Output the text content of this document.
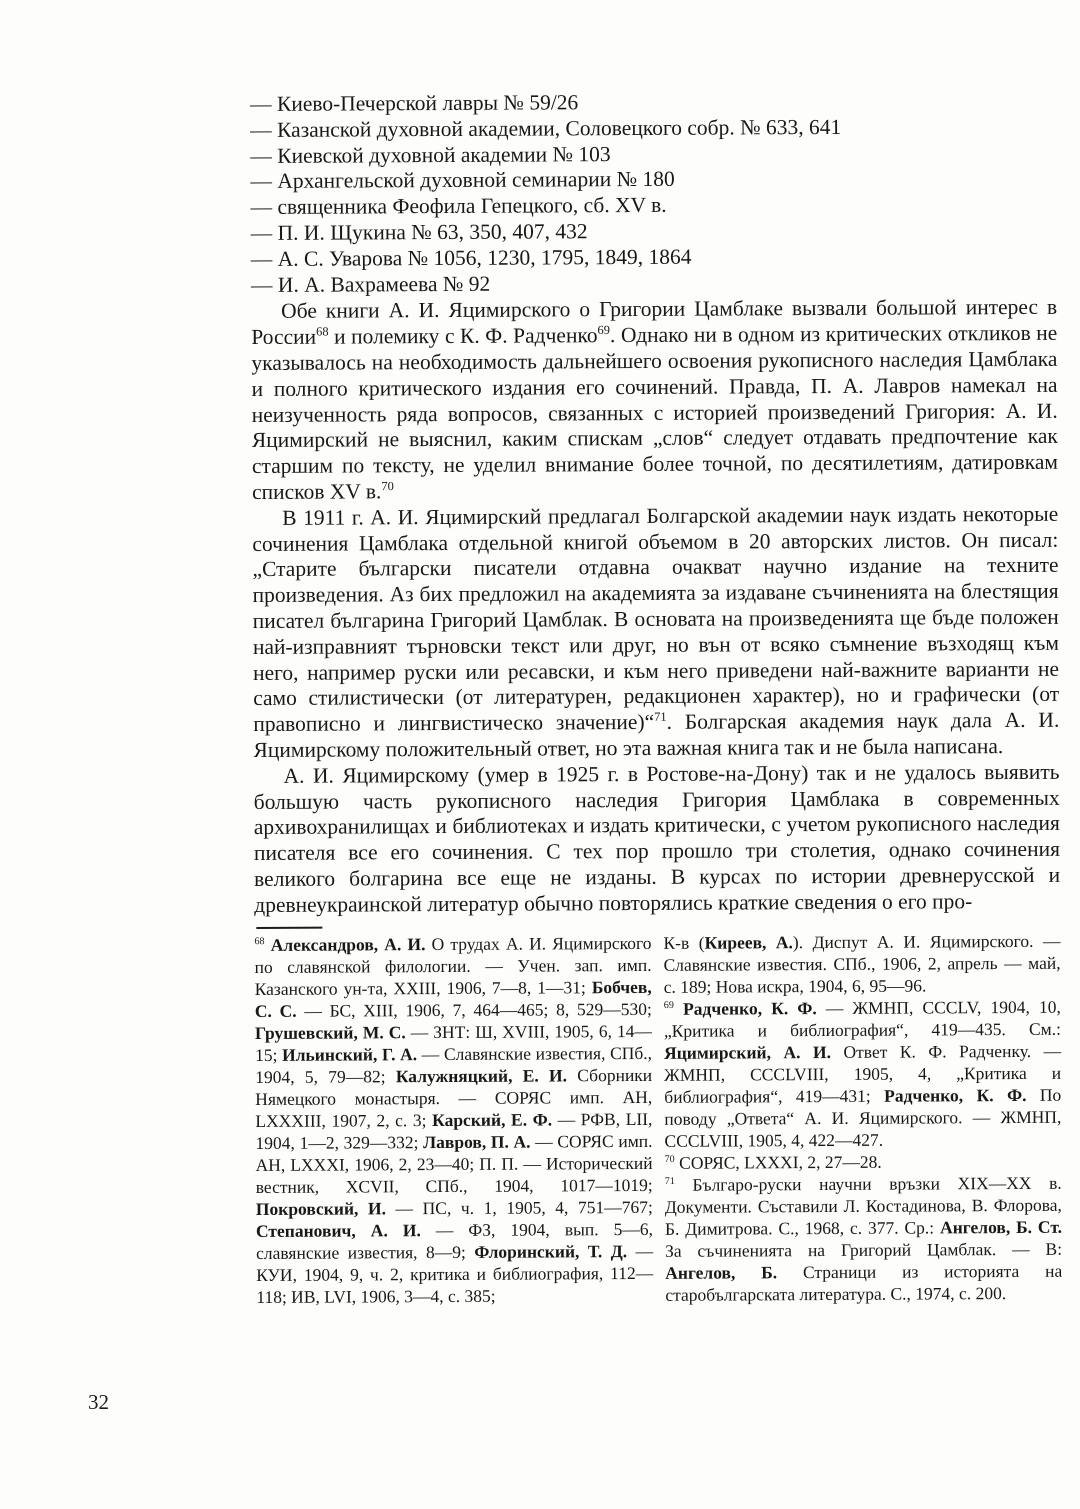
— Киево-Печерской лавры № 59/26
— Казанской духовной академии, Соловецкого собр. № 633, 641
— Киевской духовной академии № 103
— Архангельской духовной семинарии № 180
— священника Феофила Гепецкого, сб. XV в.
— П. И. Щукина № 63, 350, 407, 432
— А. С. Уварова № 1056, 1230, 1795, 1849, 1864
— И. А. Вахрамеева № 92

Обе книги А. И. Яцимирского о Григории Цамблаке вызвали большой интерес в России$^{68}$ и полемику с К. Ф. Радченко$^{69}$. Однако ни в одном из критических откликов не указывалось на необходимость дальнейшего освоения рукописного наследия Цамблака и полного критического издания его сочинений. Правда, П. А. Лавров намекал на неизученность ряда вопросов, связанных с историей произведений Григория: А. И. Яцимирский не выяснил, каким спискам „слов“ следует отдавать предпочтение как старшим по тексту, не уделил внимание более точной, по десятилетиям, датировкам списков XV в.$^{70}$

В 1911 г. А. И. Яцимирский предлагал Болгарской академии наук издать некоторые сочинения Цамблака отдельной книгой объемом в 20 авторских листов. Он писал: „Старите български писатели отдавна очакват научно издание на техните произведения. Аз бих предложил на академията за издаване съчиненията на блестящия писател българина Григорий Цамблак. В основата на произведенията ще бъде положен най-изправният търновски текст или друг, но вън от всяко съмнение възходящ към него, например руски или ресавски, и към него приведени най-важните варианти не само стилистически (от литературен, редакционен характер), но и графически (от правописно и лингвистическо значение)“$^{71}$. Болгарская академия наук дала А. И. Яцимирскому положительный ответ, но эта важная книга так и не была написана.

А. И. Яцимирскому (умер в 1925 г. в Ростове-на-Дону) так и не удалось выявить большую часть рукописного наследия Григория Цамблака в современных архивохранилищах и библиотеках и издать критически, с учетом рукописного наследия писателя все его сочинения. С тех пор прошло три столетия, однако сочинения великого болгарина все еще не изданы. В курсах по истории древнерусской и древнеукраинской литератур обычно повторялись краткие сведения о его про-

$^{68}$ Александров, А. И. О трудах А. И. Яцимирского по славянской филологии. — Учен. зап. имп. Казанского ун-та, XXIII, 1906, 7—8, 1—31; Бобчев, С. С. — БС, XIII, 1906, 7, 464—465; 8, 529—530; Грушевский, М. С. — ЗНТ: Ш, XVIII, 1905, 6, 14—15; Ильинский, Г. А. — Славянские известия, СПб., 1904, 5, 79—82; Калужняцкий, Е. И. Сборники Нямецкого монастыря. — СОРЯС имп. АН, LXXXIII, 1907, 2, с. 3; Карский, Е. Ф. — РФВ, LII, 1904, 1—2, 329—332; Лавров, П. А. — СОРЯС имп. АН, LXXXI, 1906, 2, 23—40; П. П. — Исторический вестник, XCVII, СПб., 1904, 1017—1019; Покровский, И. — ПС, ч. 1, 1905, 4, 751—767; Степанович, А. И. — ФЗ, 1904, вып. 5—6, славянские известия, 8—9; Флоринский, Т. Д. — КУИ, 1904, 9, ч. 2, критика и библиография, 112—118; ИВ, LVI, 1906, 3—4, с. 385;
К-в (Киреев, А.). Диспут А. И. Яцимирского. — Славянские известия. СПб., 1906, 2, апрель — май, с. 189; Нова искра, 1904, 6, 95—96.
$^{69}$ Радченко, К. Ф. — ЖМНП, CCCLV, 1904, 10, „Критика и библиография“, 419—435. См.: Яцимирский, А. И. Ответ К. Ф. Радченку. — ЖМНП, CCCLVIII, 1905, 4, „Критика и библиография“, 419—431; Радченко, К. Ф. По поводу „Ответа“ А. И. Яцимирского. — ЖМНП, CCCLVIII, 1905, 4, 422—427.
$^{70}$ СОРЯС, LXXXI, 2, 27—28.
$^{71}$ Българо-руски научни връзки XIX—XX в. Документи. Съставили Л. Костадинова, В. Флорова, Б. Димитрова. С., 1968, с. 377. Ср.: Ангелов, Б. Ст. За съчиненията на Григорий Цамблак. — В: Ангелов, Б. Страници из историята на старобългарската литература. С., 1974, с. 200.
32
